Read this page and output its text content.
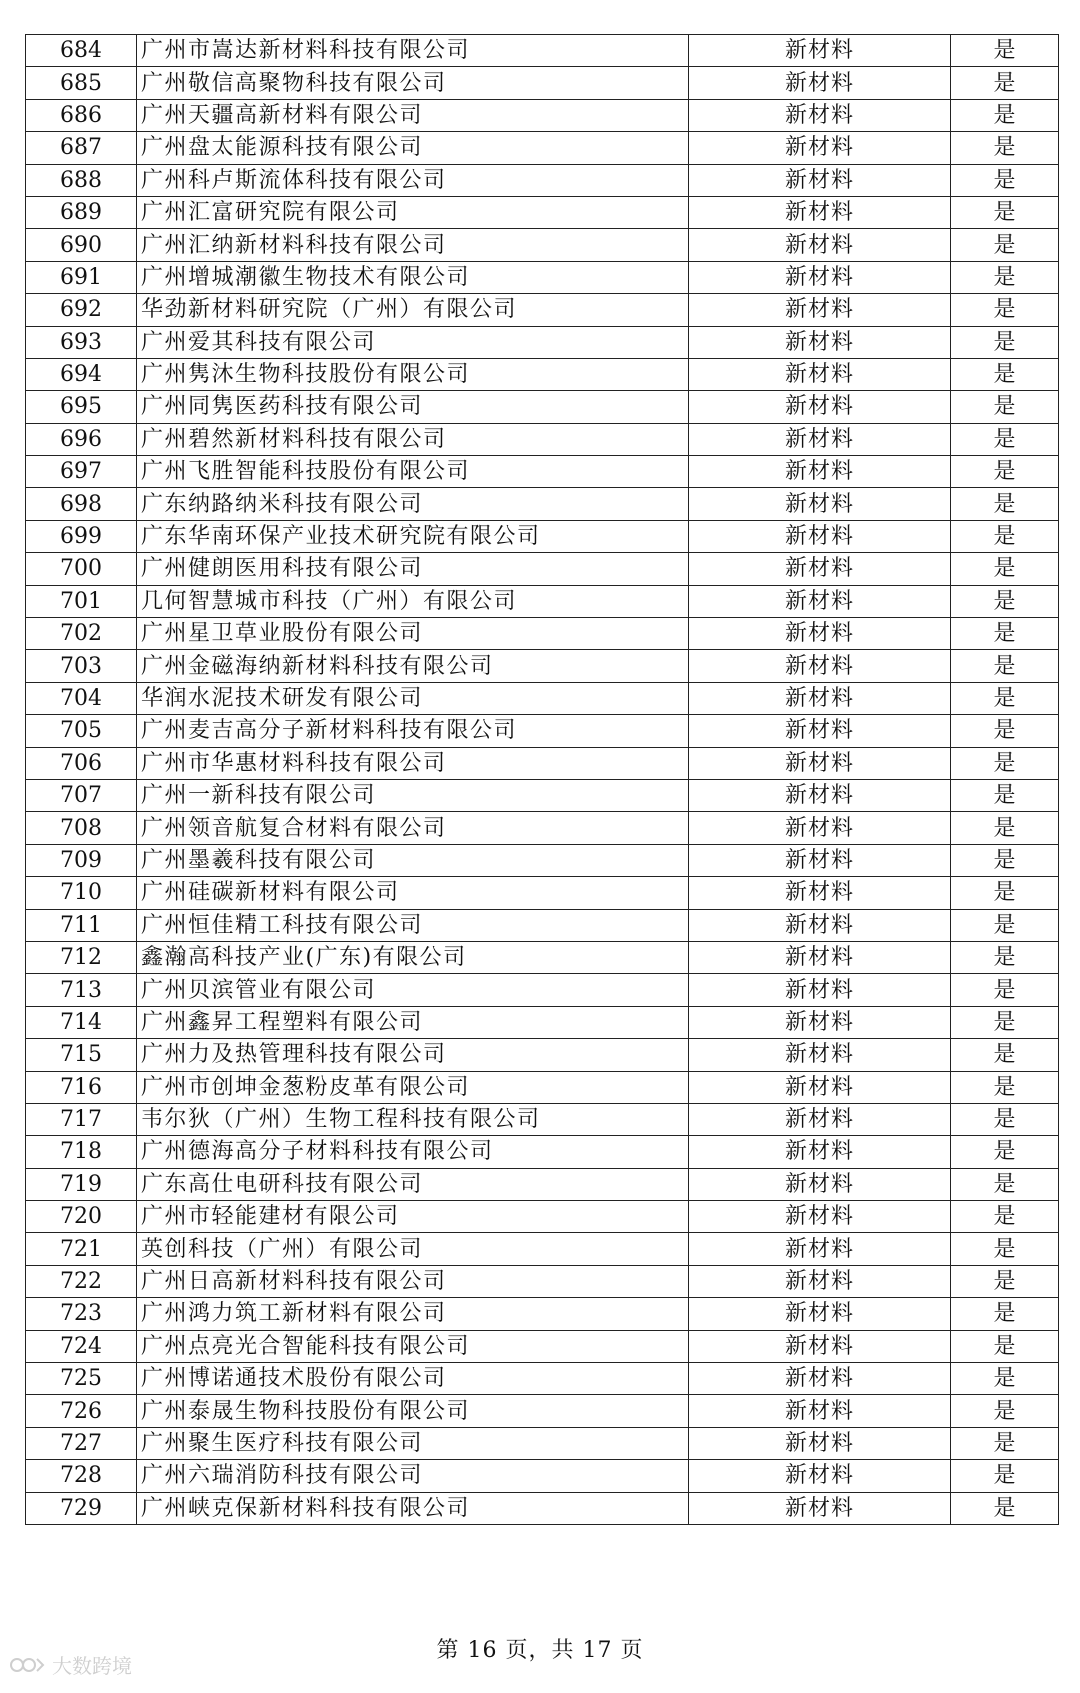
684	广州市嵩达新材料科技有限公司	新材料	是
685	广州敬信高聚物科技有限公司	新材料	是
686	广州天疆高新材料有限公司	新材料	是
687	广州盘太能源科技有限公司	新材料	是
688	广州科卢斯流体科技有限公司	新材料	是
689	广州汇富研究院有限公司	新材料	是
690	广州汇纳新材料科技有限公司	新材料	是
691	广州增城潮徽生物技术有限公司	新材料	是
692	华劲新材料研究院（广州）有限公司	新材料	是
693	广州爱其科技有限公司	新材料	是
694	广州隽沐生物科技股份有限公司	新材料	是
695	广州同隽医药科技有限公司	新材料	是
696	广州碧然新材料科技有限公司	新材料	是
697	广州飞胜智能科技股份有限公司	新材料	是
698	广东纳路纳米科技有限公司	新材料	是
699	广东华南环保产业技术研究院有限公司	新材料	是
700	广州健朗医用科技有限公司	新材料	是
701	几何智慧城市科技（广州）有限公司	新材料	是
702	广州星卫草业股份有限公司	新材料	是
703	广州金磁海纳新材料科技有限公司	新材料	是
704	华润水泥技术研发有限公司	新材料	是
705	广州麦吉高分子新材料科技有限公司	新材料	是
706	广州市华惠材料科技有限公司	新材料	是
707	广州一新科技有限公司	新材料	是
708	广州领音航复合材料有限公司	新材料	是
709	广州墨羲科技有限公司	新材料	是
710	广州硅碳新材料有限公司	新材料	是
711	广州恒佳精工科技有限公司	新材料	是
712	鑫瀚高科技产业(广东)有限公司	新材料	是
713	广州贝滨管业有限公司	新材料	是
714	广州鑫昇工程塑料有限公司	新材料	是
715	广州力及热管理科技有限公司	新材料	是
716	广州市创坤金葱粉皮革有限公司	新材料	是
717	韦尔狄（广州）生物工程科技有限公司	新材料	是
718	广州德海高分子材料科技有限公司	新材料	是
719	广东高仕电研科技有限公司	新材料	是
720	广州市轻能建材有限公司	新材料	是
721	英创科技（广州）有限公司	新材料	是
722	广州日高新材料科技有限公司	新材料	是
723	广州鸿力筑工新材料有限公司	新材料	是
724	广州点亮光合智能科技有限公司	新材料	是
725	广州博诺通技术股份有限公司	新材料	是
726	广州泰晟生物科技股份有限公司	新材料	是
727	广州聚生医疗科技有限公司	新材料	是
728	广州六瑞消防科技有限公司	新材料	是
729	广州峡克保新材料科技有限公司	新材料	是
第 16 页，共 17 页
大数跨境
